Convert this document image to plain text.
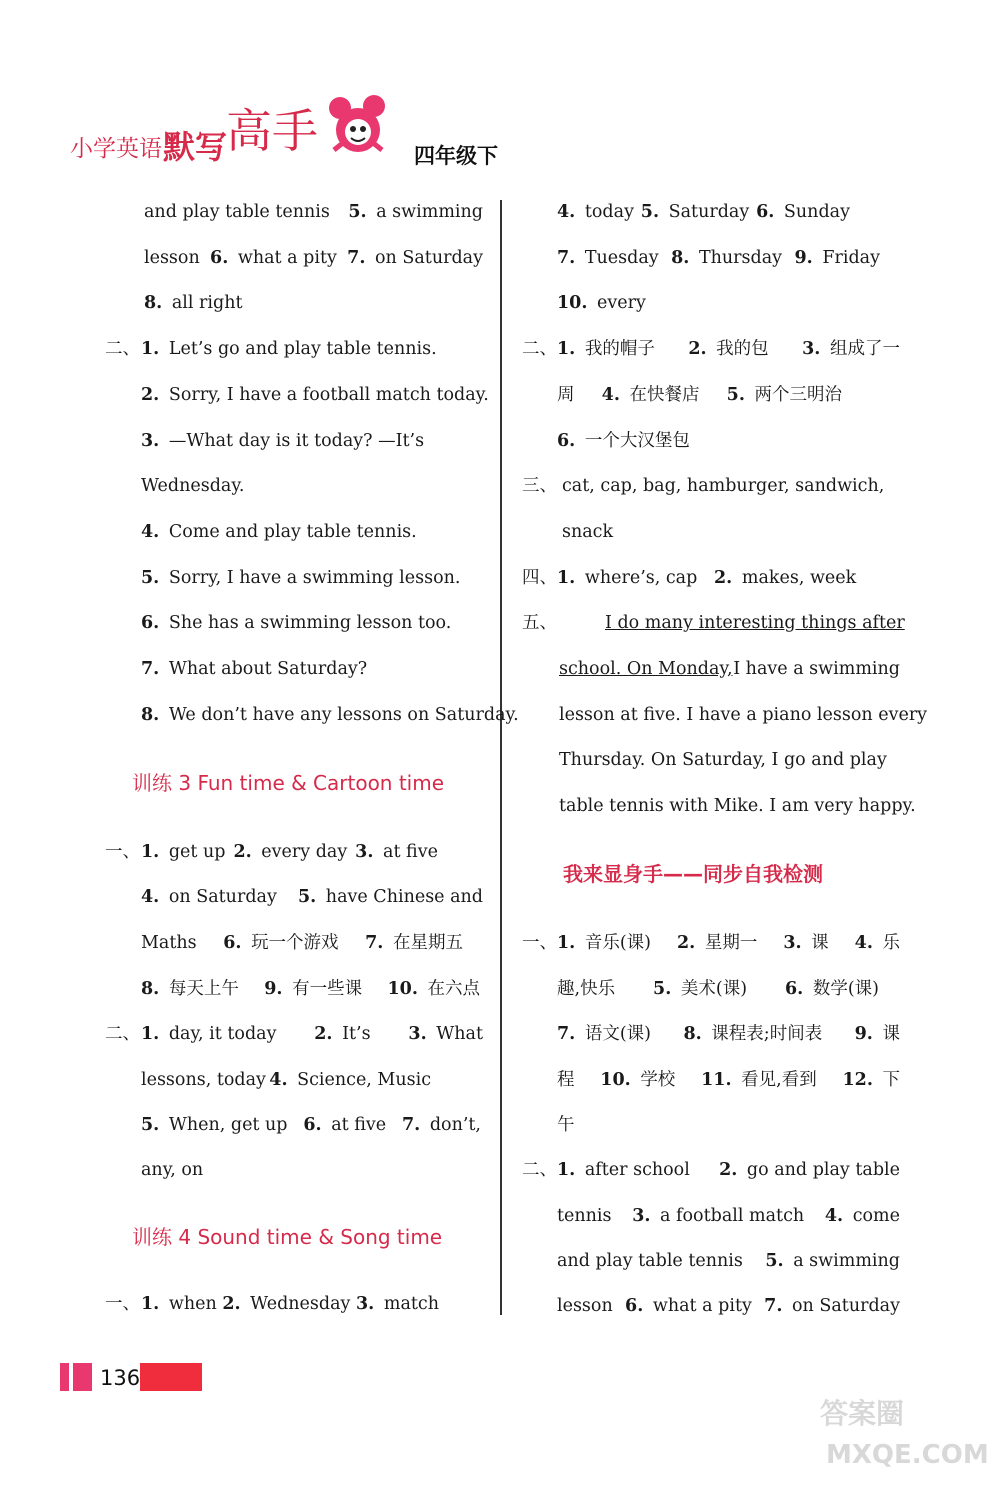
小学英语 默写
高手	四年级下
and play table tennis 5. a swimming
lesson 6. what a pity 7. on Saturday
8. all right
二、 1. Let’s go and play table tennis.
2. Sorry, I have a football match today.
3. —What day is it today? —It’s
Wednesday.
4. Come and play table tennis.
5. Sorry, I have a swimming lesson.
6. She has a swimming lesson too.
7. What about Saturday?
8. We don’t have any lessons on Saturday.
训练 3 Fun time & Cartoon time
一、 1. get up 2. every day 3. at five
4. on Saturday 5. have Chinese and
Maths 6. 玩一个游戏 7. 在星期五
8. 每天上午 9. 有一些课 10. 在六点
二、 1. day, it today 2. It’s 3. What
lessons, today 4. Science, Music
5. When, get up 6. at five 7. don’t,
any, on
训练 4 Sound time & Song time
一、 1. when 2. Wednesday 3. match
4. today 5. Saturday 6. Sunday
7. Tuesday 8. Thursday 9. Friday
10. every
二、 1. 我的帽子 2. 我的包 3. 组成了一
周 4. 在快餐店 5. 两个三明治
6. 一个大汉堡包
三、 cat, cap, bag, hamburger, sandwich,
snack
四、 1. where’s, cap 2. makes, week
五、	I do many interesting things after
school. On Monday, I have a swimming
lesson at five. I have a piano lesson every
Thursday. On Saturday, I go and play
table tennis with Mike. I am very happy.
我来显身手——同步自我检测
一、 1. 音乐(课) 2. 星期一 3. 课 4. 乐
趣,快乐 5. 美术(课) 6. 数学(课)
7. 语文(课) 8. 课程表;时间表 9. 课
程 10. 学校 11. 看见,看到 12. 下
午
二、 1. after school 2. go and play table
tennis 3. a football match 4. come
and play table tennis 5. a swimming
lesson 6. what a pity 7. on Saturday
136
答案圈
MXQE.COM
